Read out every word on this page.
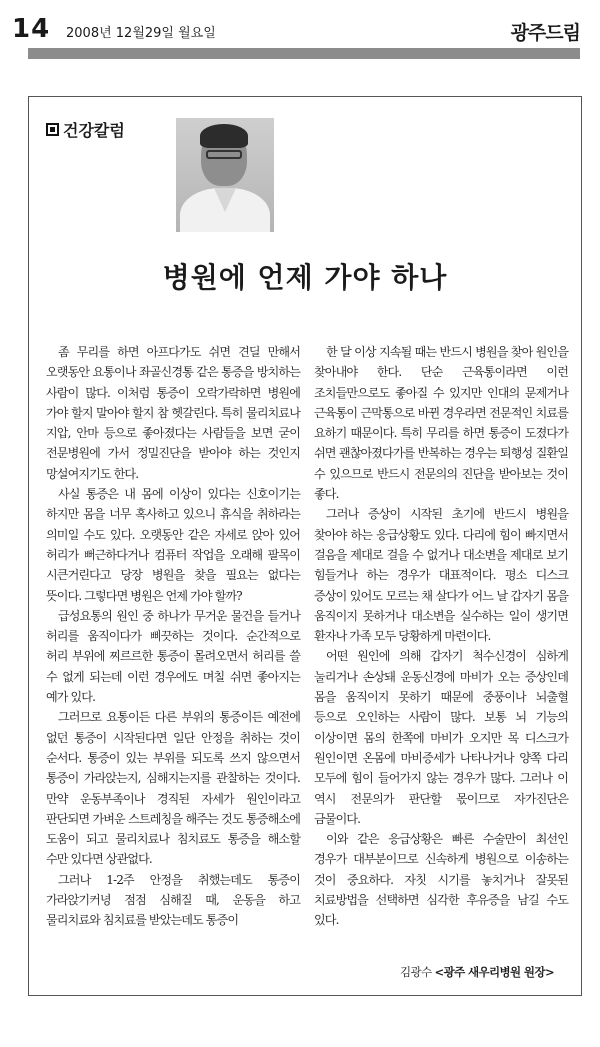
14 2008년 12월29일 월요일	광주드림
건강칼럼
병원에 언제 가야 하나

좀 무리를 하면 아프다가도 쉬면 견딜 만해서 오랫동안 요통이나 좌골신경통 같은 통증을 방치하는 사람이 많다. 이처럼 통증이 오락가락하면 병원에 가야 할지 말아야 할지 참 헷갈린다. 특히 물리치료나 지압, 안마 등으로 좋아졌다는 사람들을 보면 굳이 전문병원에 가서 정밀진단을 받아야 하는 것인지 망설여지기도 한다.

사실 통증은 내 몸에 이상이 있다는 신호이기는 하지만 몸을 너무 혹사하고 있으니 휴식을 취하라는 의미일 수도 있다. 오랫동안 같은 자세로 앉아 있어 허리가 뻐근하다거나 컴퓨터 작업을 오래해 팔목이 시큰거린다고 당장 병원을 찾을 필요는 없다는 뜻이다. 그렇다면 병원은 언제 가야 할까?

급성요통의 원인 중 하나가 무거운 물건을 들거나 허리를 움직이다가 삐끗하는 것이다. 순간적으로 허리 부위에 찌르르한 통증이 몰려오면서 허리를 쓸 수 없게 되는데 이런 경우에도 며칠 쉬면 좋아지는 예가 있다.

그러므로 요통이든 다른 부위의 통증이든 예전에 없던 통증이 시작된다면 일단 안정을 취하는 것이 순서다. 통증이 있는 부위를 되도록 쓰지 않으면서 통증이 가라앉는지, 심해지는지를 관찰하는 것이다. 만약 운동부족이나 경직된 자세가 원인이라고 판단되면 가벼운 스트레칭을 해주는 것도 통증해소에 도움이 되고 물리치료나 침치료도 통증을 해소할 수만 있다면 상관없다.

그러나 1-2주 안정을 취했는데도 통증이 가라앉기커녕 점점 심해질 때, 운동을 하고 물리치료와 침치료를 받았는데도 통증이

한 달 이상 지속될 때는 반드시 병원을 찾아 원인을 찾아내야 한다. 단순 근육통이라면 이런 조치들만으로도 좋아질 수 있지만 인대의 문제거나 근육통이 근막통으로 바뀐 경우라면 전문적인 치료를 요하기 때문이다. 특히 무리를 하면 통증이 도졌다가 쉬면 괜찮아졌다가를 반복하는 경우는 퇴행성 질환일 수 있으므로 반드시 전문의의 진단을 받아보는 것이 좋다.

그러나 증상이 시작된 초기에 반드시 병원을 찾아야 하는 응급상황도 있다. 다리에 힘이 빠지면서 걸음을 제대로 걸을 수 없거나 대소변을 제대로 보기 힘들거나 하는 경우가 대표적이다. 평소 디스크 증상이 있어도 모르는 채 살다가 어느 날 갑자기 몸을 움직이지 못하거나 대소변을 실수하는 일이 생기면 환자나 가족 모두 당황하게 마련이다.

어떤 원인에 의해 갑자기 척수신경이 심하게 눌리거나 손상돼 운동신경에 마비가 오는 증상인데 몸을 움직이지 못하기 때문에 중풍이나 뇌출혈 등으로 오인하는 사람이 많다. 보통 뇌 기능의 이상이면 몸의 한쪽에 마비가 오지만 목 디스크가 원인이면 온몸에 마비증세가 나타나거나 양쪽 다리 모두에 힘이 들어가지 않는 경우가 많다. 그러나 이 역시 전문의가 판단할 몫이므로 자가진단은 금물이다.

이와 같은 응급상황은 빠른 수술만이 최선인 경우가 대부분이므로 신속하게 병원으로 이송하는 것이 중요하다. 자칫 시기를 놓치거나 잘못된 치료방법을 선택하면 심각한 후유증을 남길 수도 있다.

김광수 <광주 새우리병원 원장>
